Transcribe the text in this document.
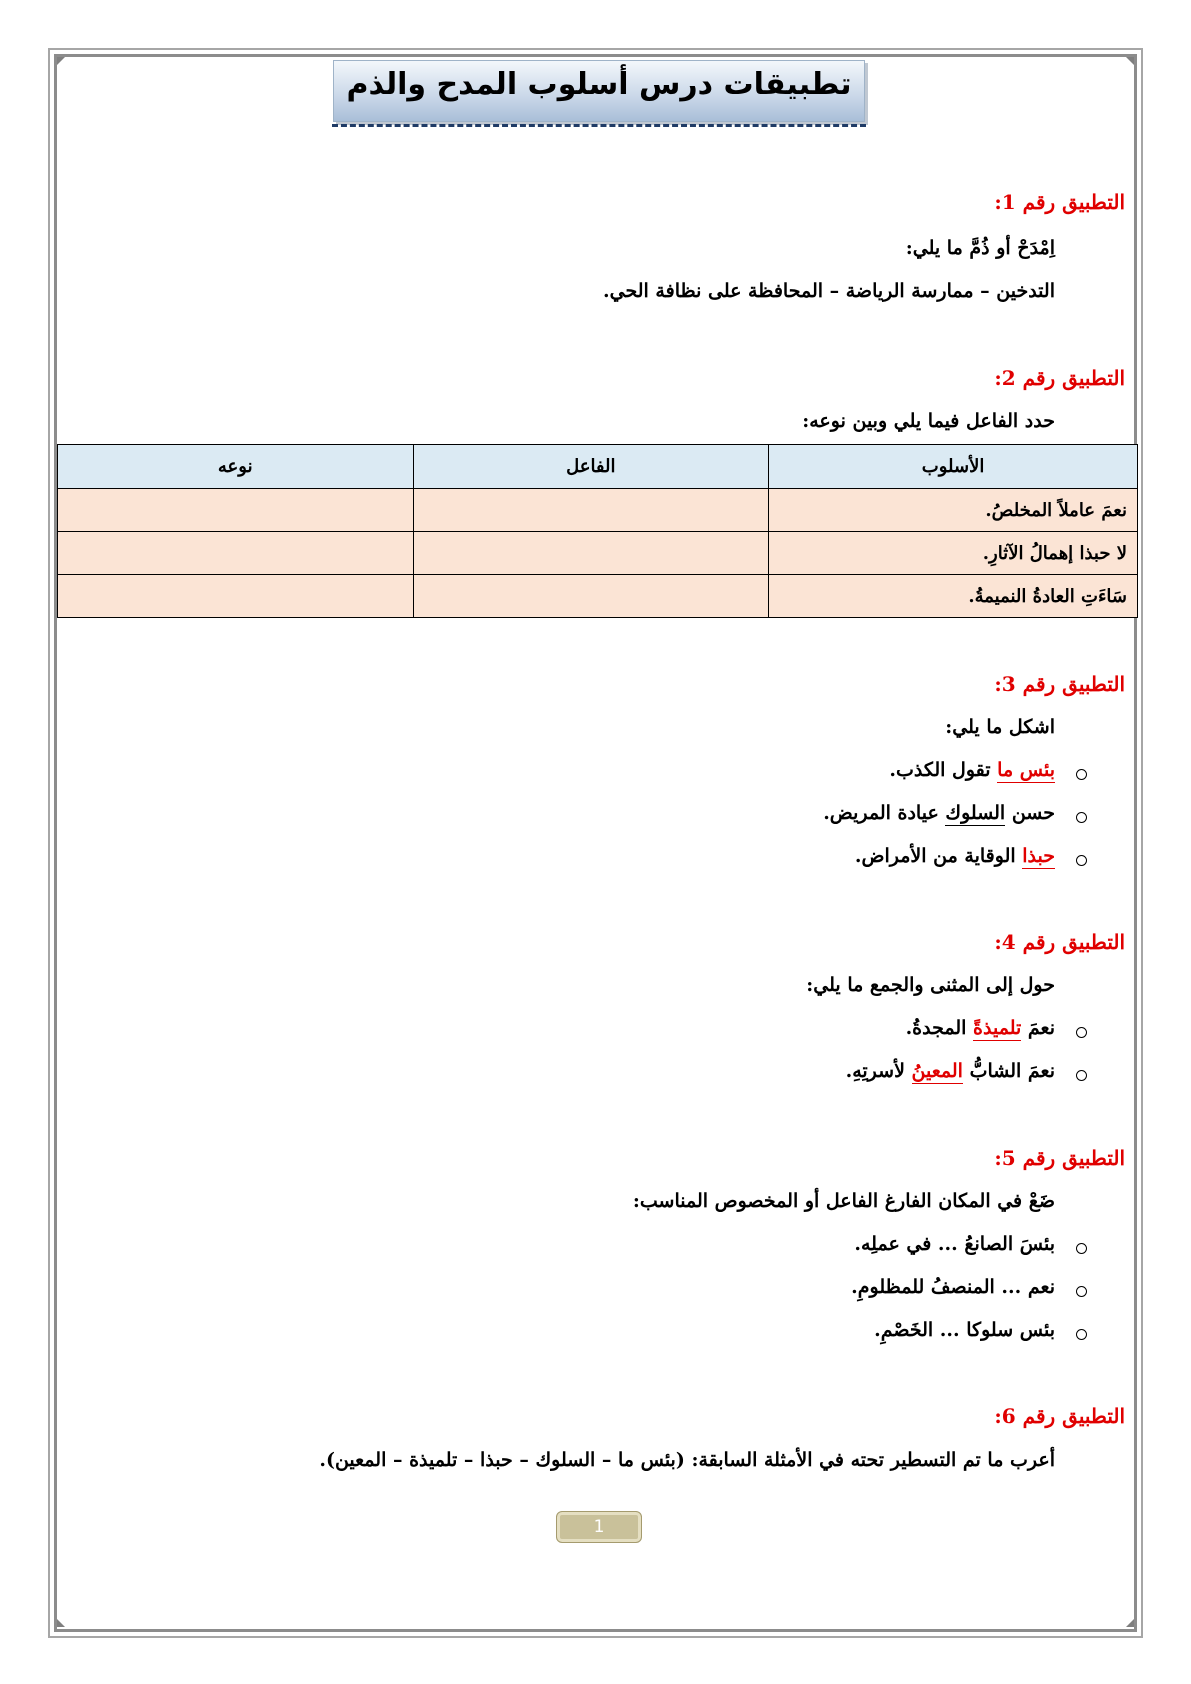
تطبيقات درس أسلوب المدح والذم
التطبيق رقم 1:
اِمْدَحْ أو ذُمَّ ما يلي:
التدخين – ممارسة الرياضة – المحافظة على نظافة الحي.
التطبيق رقم 2:
حدد الفاعل فيما يلي وبين نوعه:
الأسلوب	الفاعل	نوعه
نعمَ عاملاً المخلصُ.		
لا حبذا إهمالُ الآثارِ.		
سَاءَتِ العادةُ النميمةُ.		
التطبيق رقم 3:
اشكل ما يلي:
بئس ما تقول الكذب.
حسن السلوك عيادة المريض.
حبذا الوقاية من الأمراض.
التطبيق رقم 4:
حول إلى المثنى والجمع ما يلي:
نعمَ تلميذةً المجدةُ.
نعمَ الشابُّ المعينُ لأسرتِهِ.
التطبيق رقم 5:
ضَعْ في المكان الفارغ الفاعل أو المخصوص المناسب:
بئسَ الصانعُ ... في عملِه.
نعم ... المنصفُ للمظلومِ.
بئس سلوكا ... الخَصْمِ.
التطبيق رقم 6:
أعرب ما تم التسطير تحته في الأمثلة السابقة: (بئس ما – السلوك – حبذا – تلميذة – المعين).
1
